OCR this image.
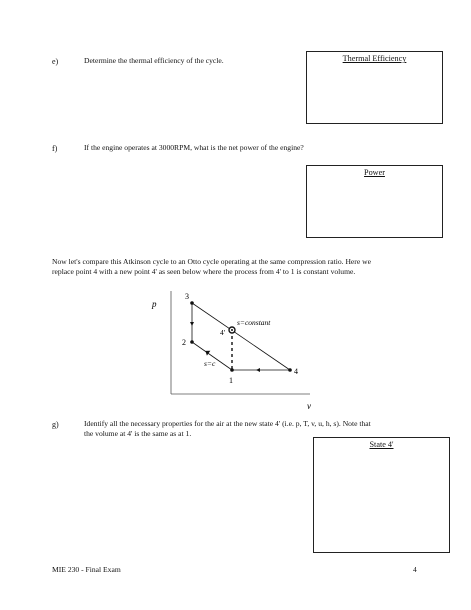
e)	Determine the thermal efficiency of the cycle.	Thermal Efficiency
f)	If the engine operates at 3000RPM, what is the net power of the engine?
Power
Now let's compare this Atkinson cycle to an Otto cycle operating at the same compression ratio. Here we
replace point 4 with a new point 4' as seen below where the process from 4' to 1 is constant volume.
p
v
3
2
1
4
4'
s=constant
s=c
g)	Identify all the necessary properties for the air at the new state 4' (i.e. p, T, v, u, h, s). Note that
the volume at 4' is the same as at 1.
State 4'
MIE 230 - Final Exam	4
